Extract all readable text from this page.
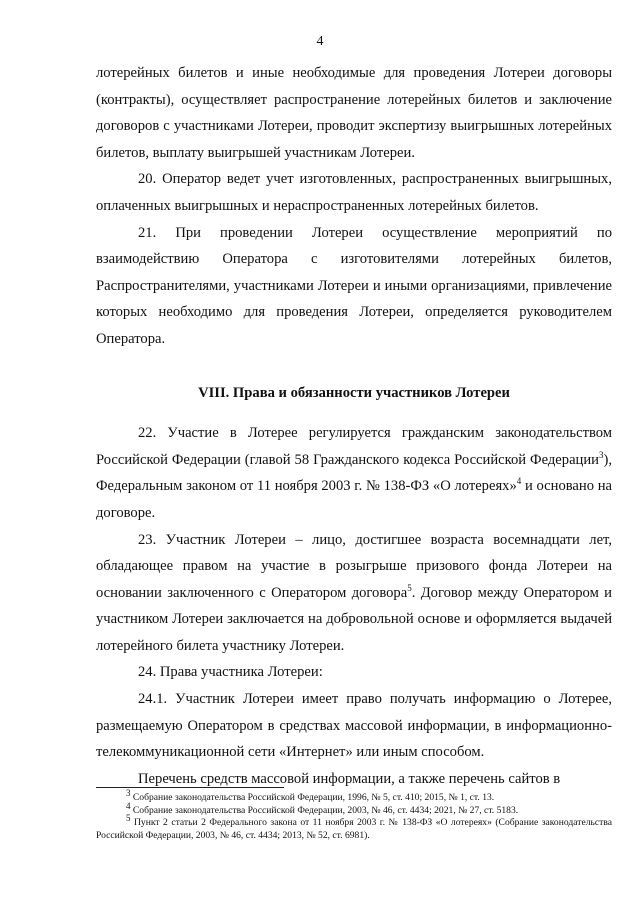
4

лотерейных билетов и иные необходимые для проведения Лотереи договоры (контракты), осуществляет распространение лотерейных билетов и заключение договоров с участниками Лотереи, проводит экспертизу выигрышных лотерейных билетов, выплату выигрышей участникам Лотереи.

20. Оператор ведет учет изготовленных, распространенных выигрышных, оплаченных выигрышных и нераспространенных лотерейных билетов.

21. При проведении Лотереи осуществление мероприятий по взаимодействию Оператора с изготовителями лотерейных билетов, Распространителями, участниками Лотереи и иными организациями, привлечение которых необходимо для проведения Лотереи, определяется руководителем Оператора.

VIII. Права и обязанности участников Лотереи

22. Участие в Лотерее регулируется гражданским законодательством Российской Федерации (главой 58 Гражданского кодекса Российской Федерации$^3$), Федеральным законом от 11 ноября 2003 г. № 138-ФЗ «О лотереях»$^4$ и основано на договоре.

23. Участник Лотереи – лицо, достигшее возраста восемнадцати лет, обладающее правом на участие в розыгрыше призового фонда Лотереи на основании заключенного с Оператором договора$^5$. Договор между Оператором и участником Лотереи заключается на добровольной основе и оформляется выдачей лотерейного билета участнику Лотереи.

24. Права участника Лотереи:

24.1. Участник Лотереи имеет право получать информацию о Лотерее, размещаемую Оператором в средствах массовой информации, в информационно-телекоммуникационной сети «Интернет» или иным способом.

Перечень средств массовой информации, а также перечень сайтов в

$^3$ Собрание законодательства Российской Федерации, 1996, № 5, ст. 410; 2015, № 1, ст. 13.

$^4$ Собрание законодательства Российской Федерации, 2003, № 46, ст. 4434; 2021, № 27, ст. 5183.

$^5$ Пункт 2 статьи 2 Федерального закона от 11 ноября 2003 г. № 138-ФЗ «О лотереях» (Собрание законодательства Российской Федерации, 2003, № 46, ст. 4434; 2013, № 52, ст. 6981).
